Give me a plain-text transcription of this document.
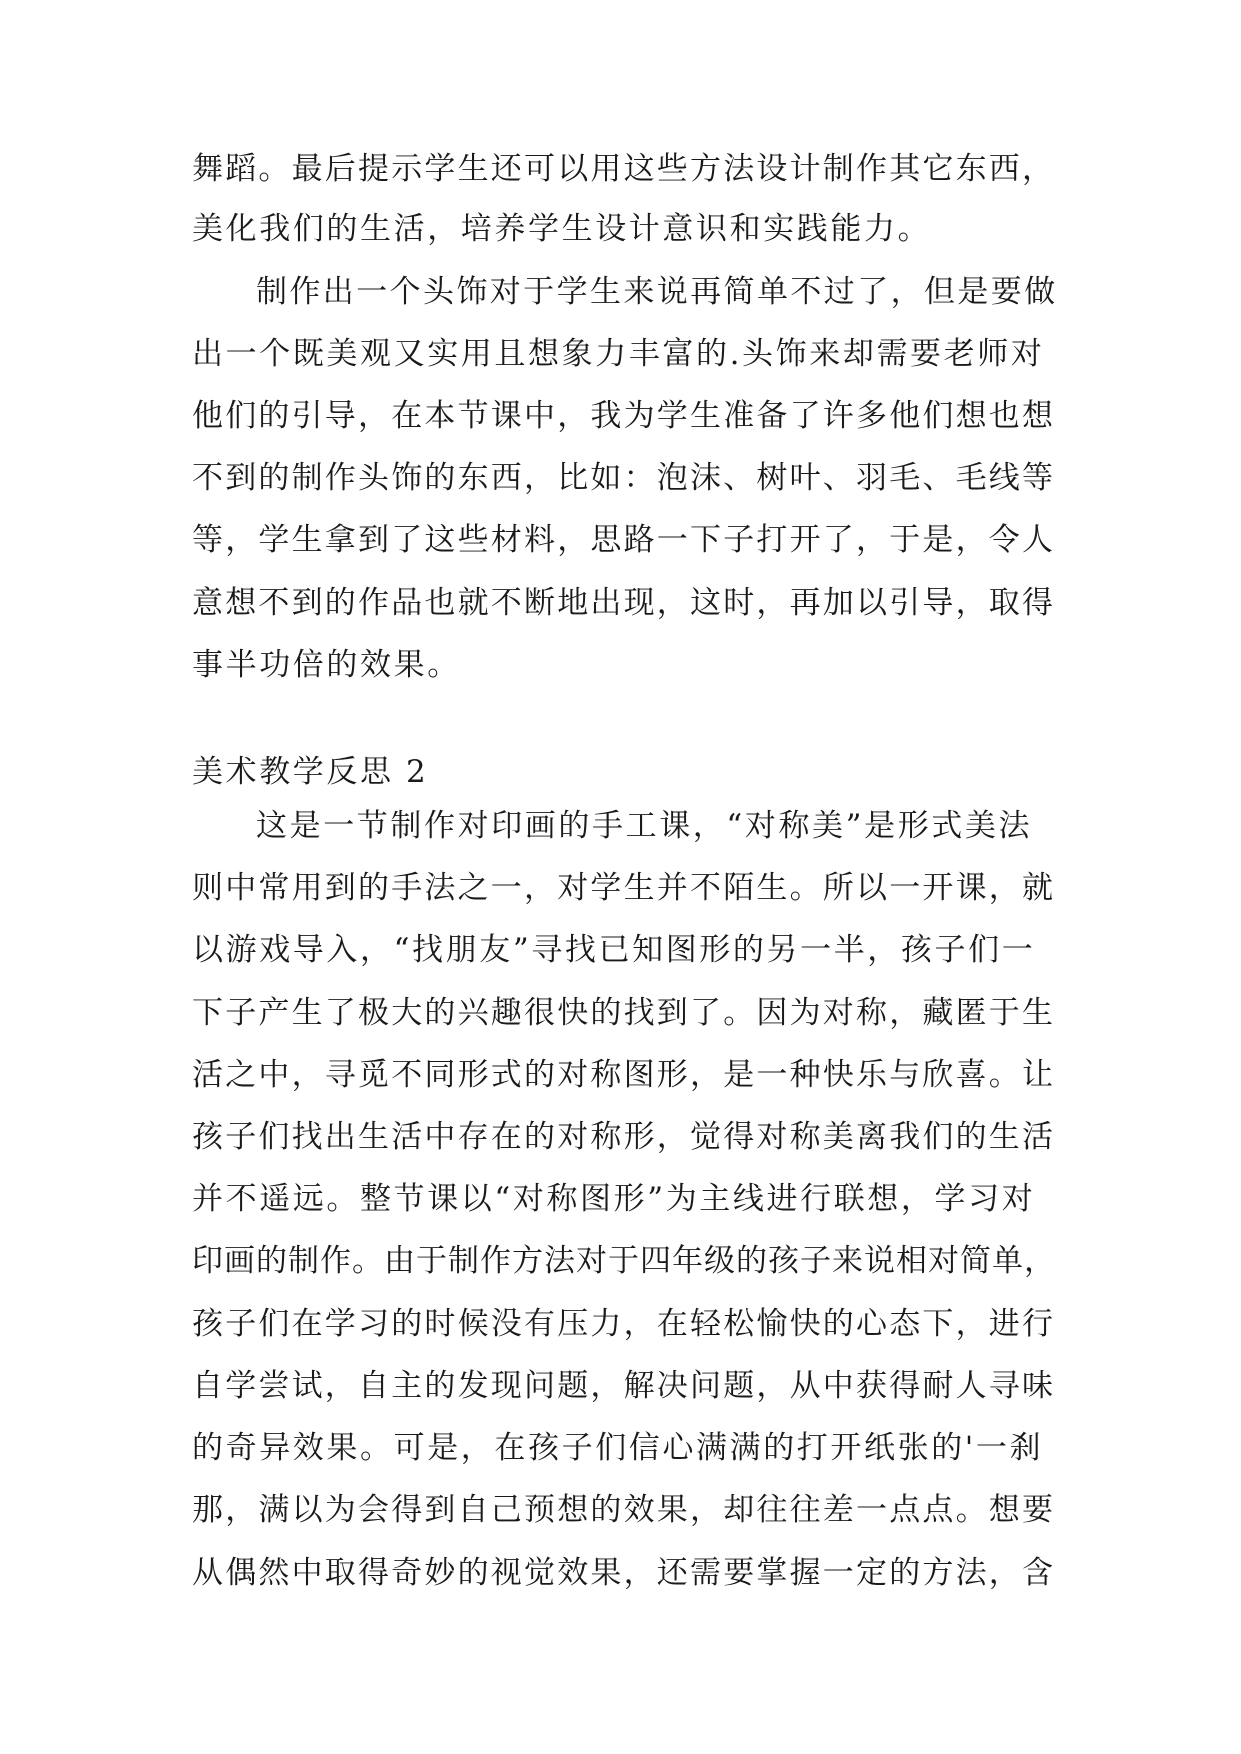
舞蹈。最后提示学生还可以用这些方法设计制作其它东西，
美化我们的生活，培养学生设计意识和实践能力。
制作出一个头饰对于学生来说再简单不过了，但是要做
出一个既美观又实用且想象力丰富的.头饰来却需要老师对
他们的引导，在本节课中，我为学生准备了许多他们想也想
不到的制作头饰的东西，比如：泡沫、树叶、羽毛、毛线等
等，学生拿到了这些材料，思路一下子打开了，于是，令人
意想不到的作品也就不断地出现，这时，再加以引导，取得
事半功倍的效果。
美术教学反思 2
这是一节制作对印画的手工课，“对称美”是形式美法
则中常用到的手法之一，对学生并不陌生。所以一开课，就
以游戏导入，“找朋友”寻找已知图形的另一半，孩子们一
下子产生了极大的兴趣很快的找到了。因为对称，藏匿于生
活之中，寻觅不同形式的对称图形，是一种快乐与欣喜。让
孩子们找出生活中存在的对称形，觉得对称美离我们的生活
并不遥远。整节课以“对称图形”为主线进行联想，学习对
印画的制作。由于制作方法对于四年级的孩子来说相对简单，
孩子们在学习的时候没有压力，在轻松愉快的心态下，进行
自学尝试，自主的发现问题，解决问题，从中获得耐人寻味
的奇异效果。可是，在孩子们信心满满的打开纸张的'一刹
那，满以为会得到自己预想的效果，却往往差一点点。想要
从偶然中取得奇妙的视觉效果，还需要掌握一定的方法，含
